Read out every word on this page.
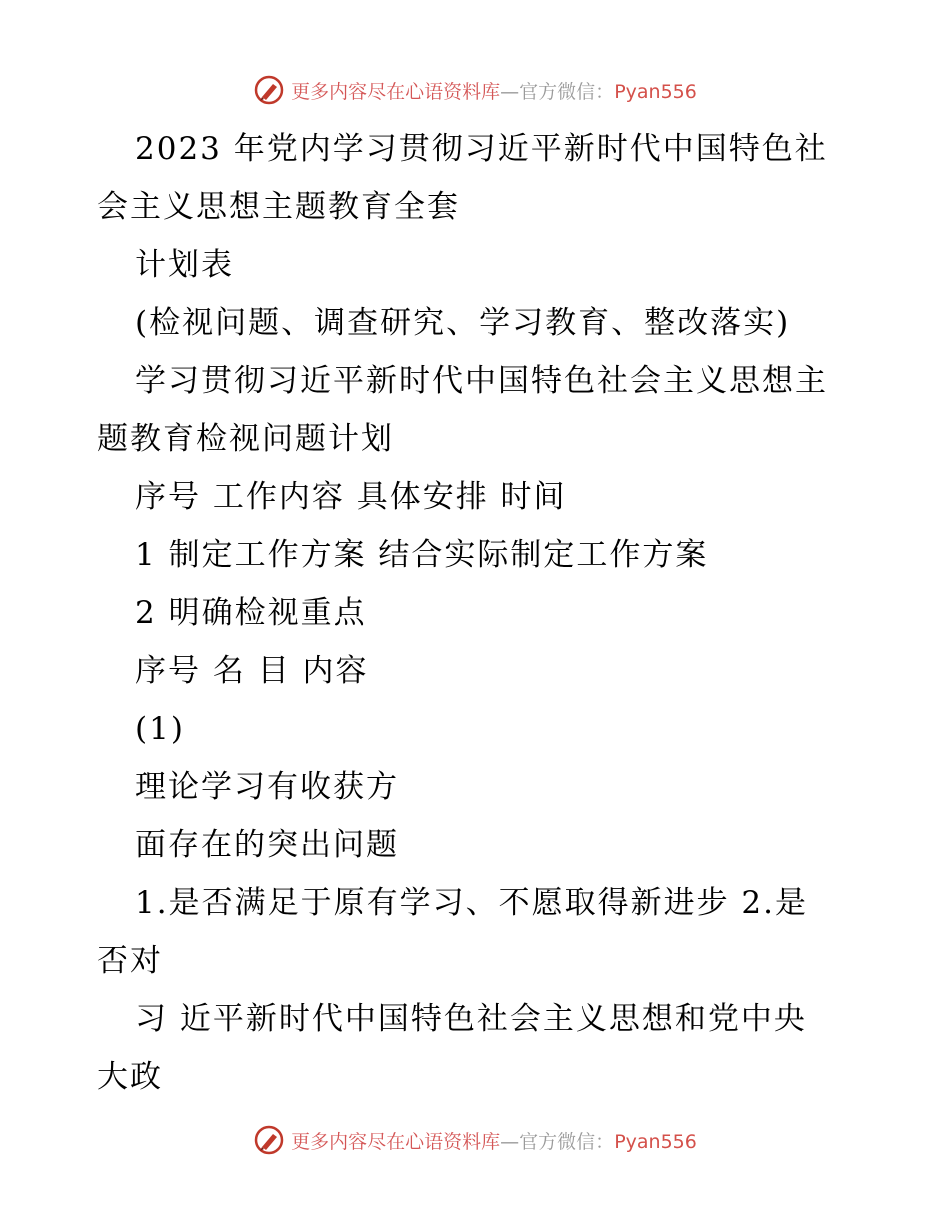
更多内容尽在心语资料库—官方微信：Pyan556
2023 年党内学习贯彻习近平新时代中国特色社
会主义思想主题教育全套
计划表
(检视问题、调查研究、学习教育、整改落实)
学习贯彻习近平新时代中国特色社会主义思想主
题教育检视问题计划
序号 工作内容 具体安排 时间
1 制定工作方案 结合实际制定工作方案
2 明确检视重点
序号 名 目 内容
(1)
理论学习有收获方
面存在的突出问题
1.是否满足于原有学习、不愿取得新进步 2.是
否对
习 近平新时代中国特色社会主义思想和党中央
大政
更多内容尽在心语资料库—官方微信：Pyan556
